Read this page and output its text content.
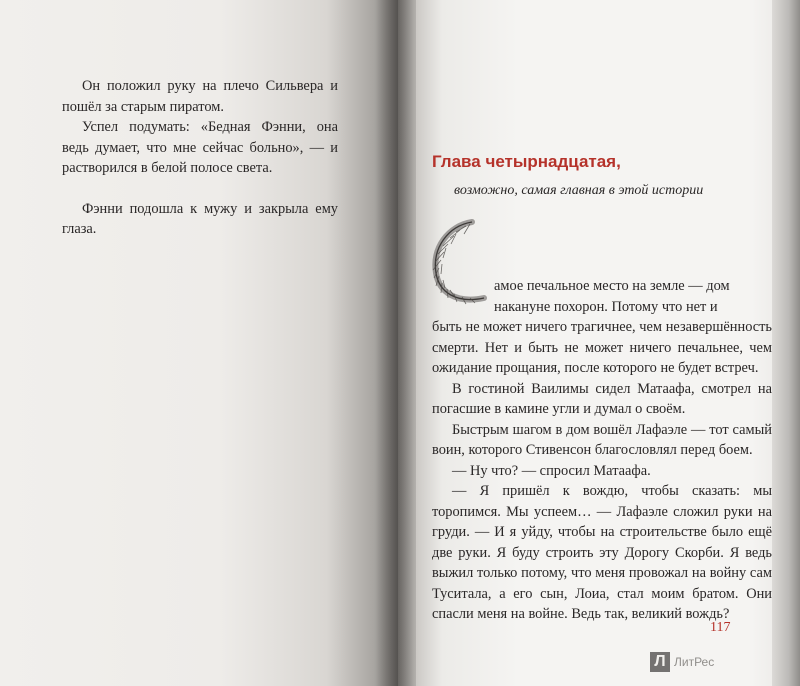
Он положил руку на плечо Сильвера и пошёл за старым пиратом.

Успел подумать: «Бедная Фэнни, она ведь думает, что мне сейчас больно», — и растворился в белой полосе света.

Фэнни подошла к мужу и закрыла ему глаза.

Глава четырнадцатая,

возможно, самая главная в этой истории

амое печальное место на земле — дом
накануне похорон. Потому что нет и

быть не может ничего трагичнее, чем незавершённость смерти. Нет и быть не может ничего печальнее, чем ожидание прощания, после которого не будет встреч.

В гостиной Ваилимы сидел Матаафа, смотрел на погасшие в камине угли и думал о своём.

Быстрым шагом в дом вошёл Лафаэле — тот самый воин, которого Стивенсон благословлял перед боем.

— Ну что? — спросил Матаафа.

— Я пришёл к вождю, чтобы сказать: мы торопимся. Мы успеем… — Лафаэле сложил руки на груди. — И я уйду, чтобы на строительстве было ещё две руки. Я буду строить эту Дорогу Скорби. Я ведь выжил только потому, что меня провожал на войну сам Туситала, а его сын, Лоиа, стал моим братом. Они спасли меня на войне. Ведь так, великий вождь?

117
Л ЛитРес
